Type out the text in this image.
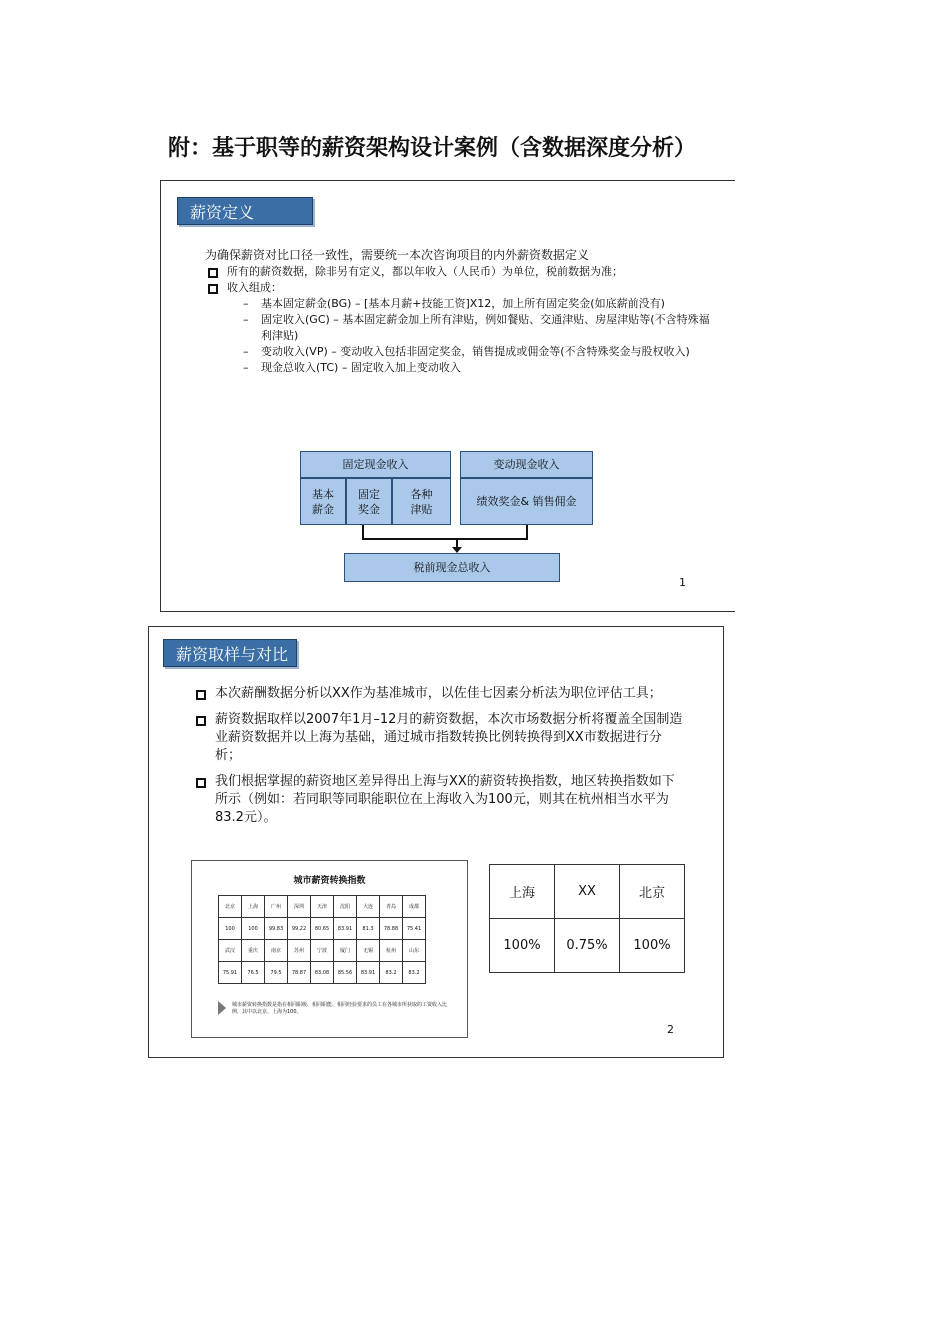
附：基于职等的薪资架构设计案例（含数据深度分析）
薪资定义
为确保薪资对比口径一致性，需要统一本次咨询项目的内外薪资数据定义
所有的薪资数据，除非另有定义，都以年收入（人民币）为单位，税前数据为准；
收入组成：
– 基本固定薪金(BG) – [基本月薪+技能工资]X12，加上所有固定奖金(如底薪前没有)
– 固定收入(GC) – 基本固定薪金加上所有津贴，例如餐贴、交通津贴、房屋津贴等(不含特殊福利津贴)
– 变动收入(VP) – 变动收入包括非固定奖金，销售提成或佣金等(不含特殊奖金与股权收入)
– 现金总收入(TC) – 固定收入加上变动收入
固定现金收入	变动现金收入
基本
薪金
固定
奖金
各种
津贴
绩效奖金& 销售佣金
税前现金总收入
1
薪资取样与对比
本次薪酬数据分析以XX作为基准城市，以佐佳七因素分析法为职位评估工具；
薪资数据取样以2007年1月–12月的薪资数据，本次市场数据分析将覆盖全国制造业薪资数据并以上海为基础，通过城市指数转换比例转换得到XX市数据进行分析；
我们根据掌握的薪资地区差异得出上海与XX的薪资转换指数，地区转换指数如下所示（例如：若同职等同职能职位在上海收入为100元，则其在杭州相当水平为83.2元）。
城市薪资转换指数
北京	上海	广州	深圳	天津	沈阳	大连	青岛	成都
100	100	99.83	99.22	80.65	83.91	81.3	78.88	75.41
武汉	重庆	南京	苏州	宁波	厦门	无锡	杭州	山东
75.91	76.5	79.5	78.87	83.08	85.56	83.91	83.2	83.2
城市薪资转换指数是指在相同职级、相同职能、相同经验要求的员工在各城市所获取的工资收入比例，其中以北京、上海为100。
上海	XX	北京
100%	0.75%	100%
2
